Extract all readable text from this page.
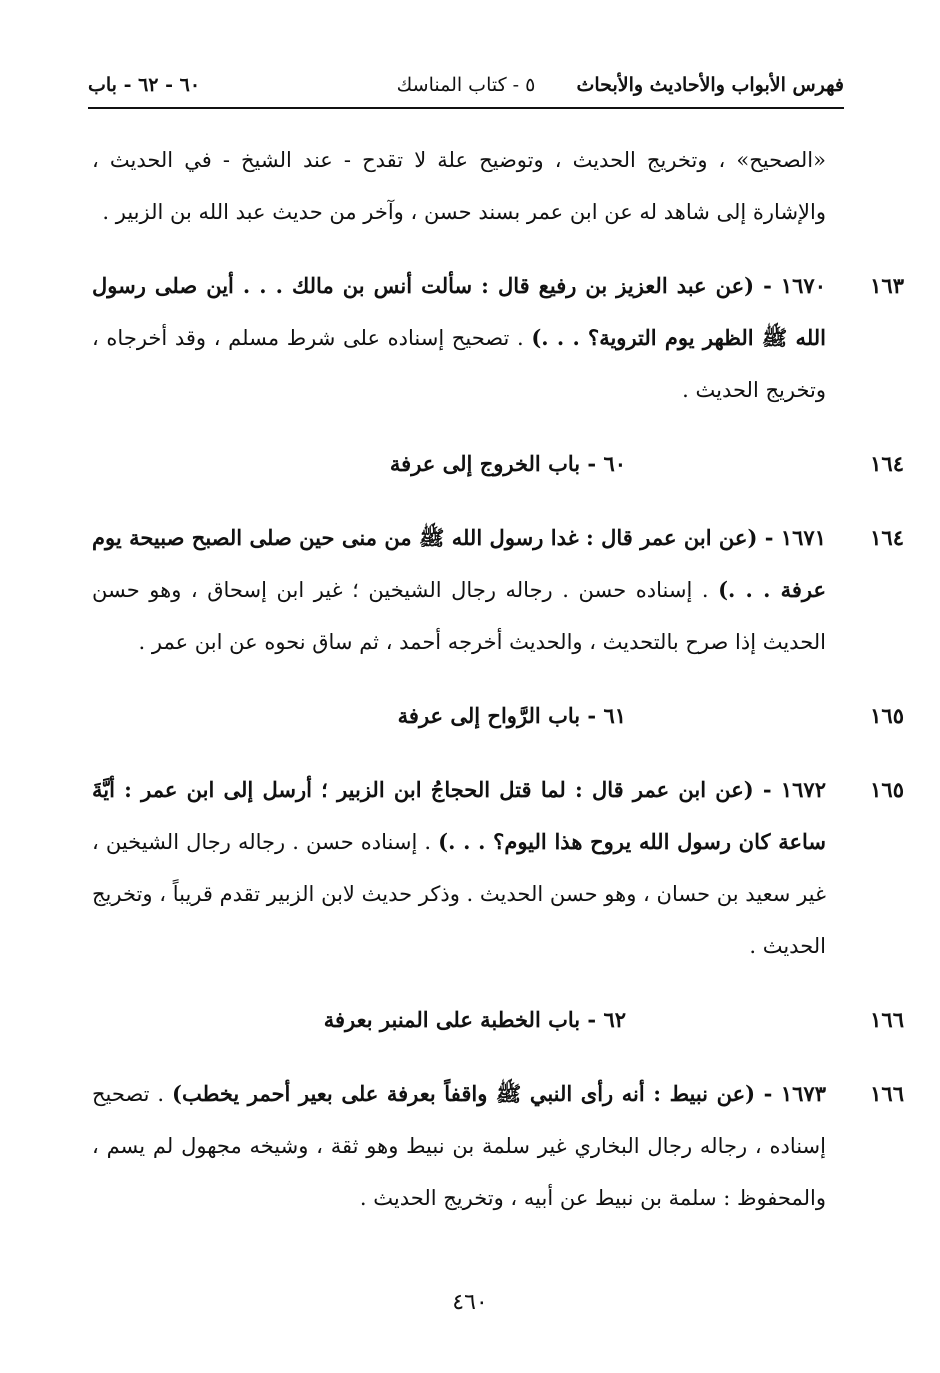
فهرس الأبواب والأحاديث والأبحاث
٥ - كتاب المناسك
٦٠ - ٦٢ - باب
«الصحيح» ، وتخريج الحديث ، وتوضيح علة لا تقدح - عند الشيخ - في الحديث ، والإشارة إلى شاهد له عن ابن عمر بسند حسن ، وآخر من حديث عبد الله بن الزبير .
١٦٣
١٦٧٠ - (عن عبد العزيز بن رفيع قال : سألت أنس بن مالك . . . أين صلى رسول الله ﷺ الظهر يوم التروية؟ . . .) . تصحيح إسناده على شرط مسلم ، وقد أخرجاه ، وتخريج الحديث .
١٦٤
٦٠ - باب الخروج إلى عرفة
١٦٤
١٦٧١ - (عن ابن عمر قال : غدا رسول الله ﷺ من منى حين صلى الصبح صبيحة يوم عرفة . . .) . إسناده حسن . رجاله رجال الشيخين ؛ غير ابن إسحاق ، وهو حسن الحديث إذا صرح بالتحديث ، والحديث أخرجه أحمد ، ثم ساق نحوه عن ابن عمر .
١٦٥
٦١ - باب الرَّواح إلى عرفة
١٦٥
١٦٧٢ - (عن ابن عمر قال : لما قتل الحجاجُ ابن الزبير ؛ أرسل إلى ابن عمر : أيَّةَ ساعة كان رسول الله يروح هذا اليوم؟ . . .) . إسناده حسن . رجاله رجال الشيخين ، غير سعيد بن حسان ، وهو حسن الحديث . وذكر حديث لابن الزبير تقدم قريباً ، وتخريج الحديث .
١٦٦
٦٢ - باب الخطبة على المنبر بعرفة
١٦٦
١٦٧٣ - (عن نبيط : أنه رأى النبي ﷺ واقفاً بعرفة على بعير أحمر يخطب) . تصحيح إسناده ، رجاله رجال البخاري غير سلمة بن نبيط وهو ثقة ، وشيخه مجهول لم يسم ، والمحفوظ : سلمة بن نبيط عن أبيه ، وتخريج الحديث .
٤٦٠
